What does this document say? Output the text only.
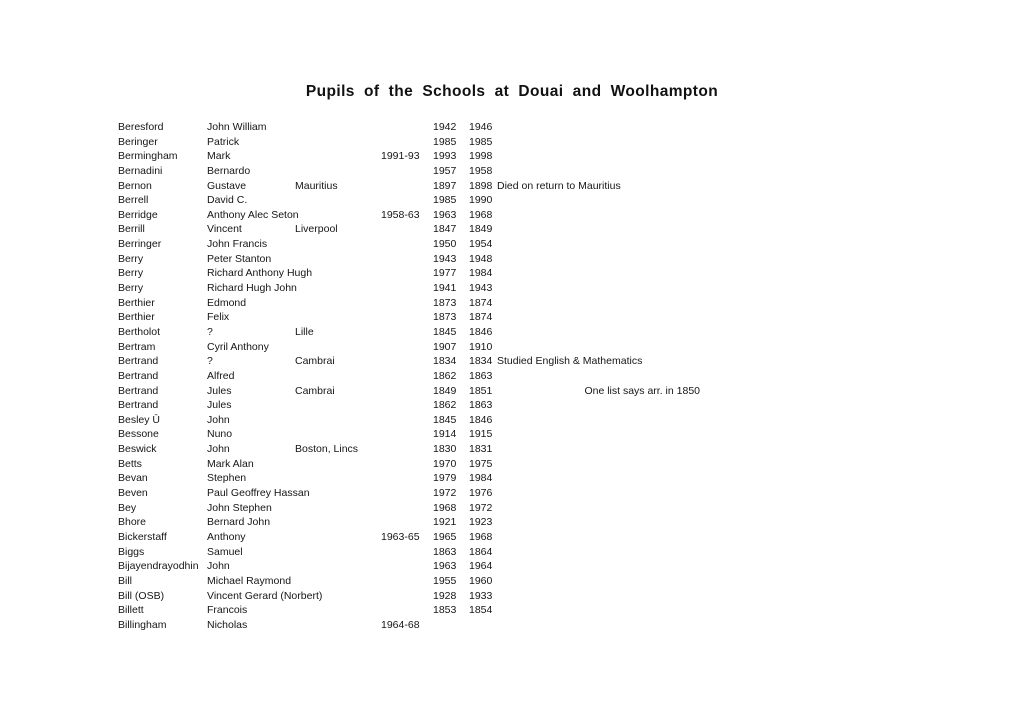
Pupils of the Schools at Douai and Woolhampton
Beresford	John William	1942 1946
Beringer	Patrick	1985 1985
Bermingham	Mark	1991-93 1993 1998
Bernadini	Bernardo	1957 1958
Bernon	Gustave	Mauritius	1897 1898 Died on return to Mauritius
Berrell	David C.	1985 1990
Berridge	Anthony Alec Seton	1958-63 1963 1968
Berrill	Vincent	Liverpool	1847 1849
Berringer	John Francis	1950 1954
Berry	Peter Stanton	1943 1948
Berry	Richard Anthony Hugh	1977 1984
Berry	Richard Hugh John	1941 1943
Berthier	Edmond	1873 1874
Berthier	Felix	1873 1874
Bertholot	?	Lille	1845 1846
Bertram	Cyril Anthony	1907 1910
Bertrand	?	Cambrai	1834 1834 Studied English & Mathematics
Bertrand	Alfred	1862 1863
Bertrand	Jules	Cambrai	1849 1851	One list says arr. in 1850
Bertrand	Jules	1862 1863
Besley Ū	John	1845 1846
Bessone	Nuno	1914 1915
Beswick	John	Boston, Lincs	1830 1831
Betts	Mark Alan	1970 1975
Bevan	Stephen	1979 1984
Beven	Paul Geoffrey Hassan	1972 1976
Bey	John Stephen	1968 1972
Bhore	Bernard John	1921 1923
Bickerstaff	Anthony	1963-65 1965 1968
Biggs	Samuel	1863 1864
Bijayendrayodhin John	1963 1964
Bill	Michael Raymond	1955 1960
Bill (OSB)	Vincent Gerard (Norbert)	1928 1933
Billett	Francois	1853 1854
Billingham	Nicholas	1964-68
